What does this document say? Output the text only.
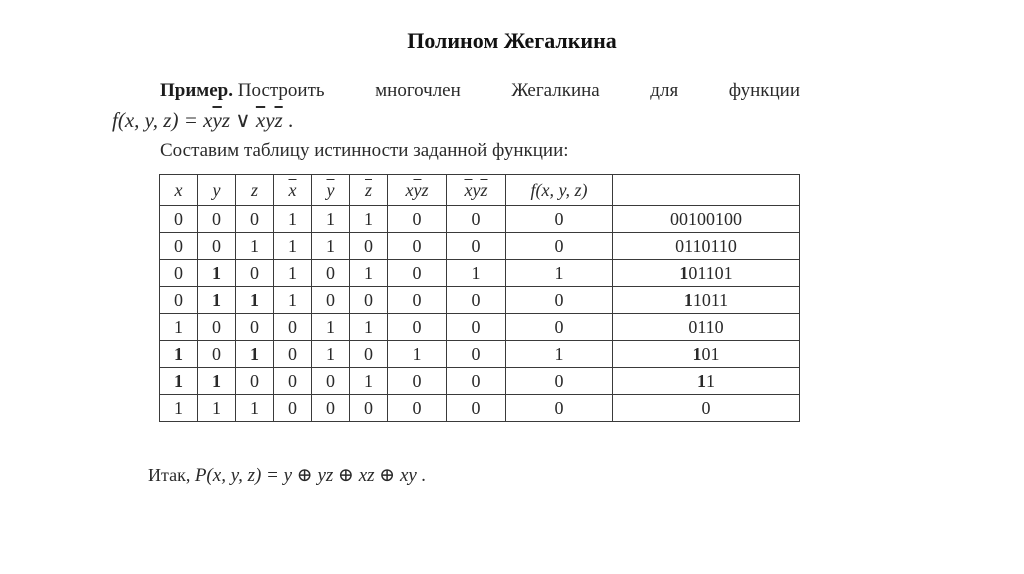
Полином Жегалкина
Пример. Построить	многочлен	Жегалкина	для	функции
f(x, y, $z) = x\overline{y}z$ ∨ $\overline{x}y\overline{z}$ .
Составим таблицу истинности заданной функции:
x	y	z	$\overline{x}$	$\overline{y}$	$\overline{z}$	$x\overline{y}z$	$\overline{x}y\overline{z}$	f(x, y, z)	
0	0	0	1	1	1	0	0	0	00100100
0	0	1	1	1	0	0	0	0	0110110
0	1	0	1	0	1	0	1	1	101101
0	1	1	1	0	0	0	0	0	11011
1	0	0	0	1	1	0	0	0	0110
1	0	1	0	1	0	1	0	1	101
1	1	0	0	0	1	0	0	0	11
1	1	1	0	0	0	0	0	0	0
Итак, P(x, y, z) = y ⊕ yz ⊕ xz ⊕ xy .
